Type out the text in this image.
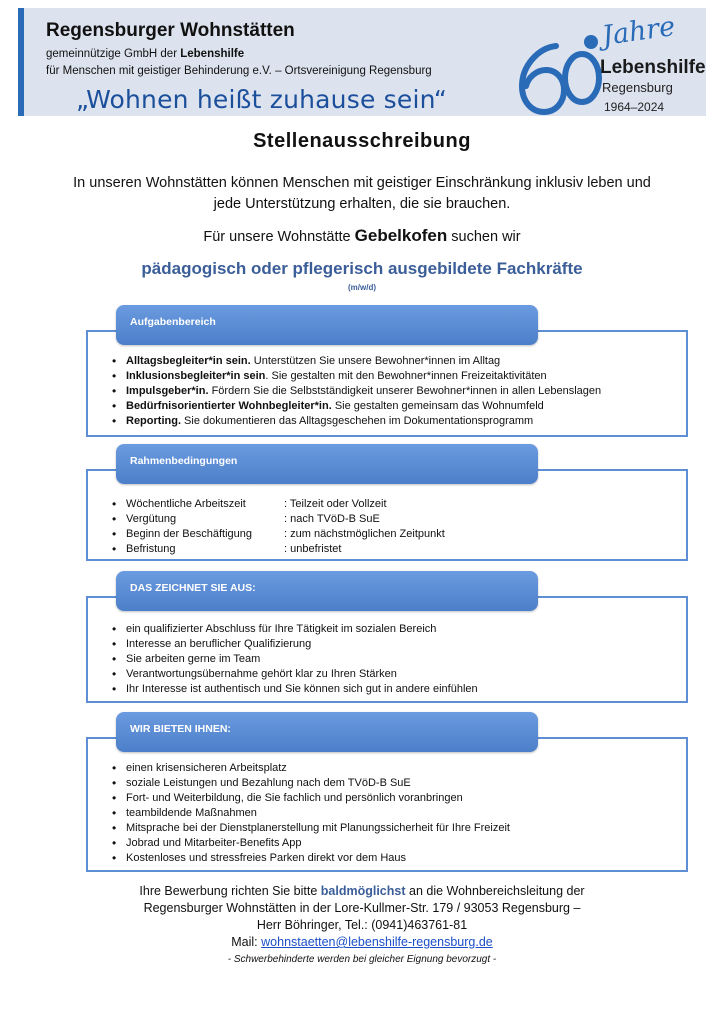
Regensburger Wohnstätten
gemeinnützige GmbH der Lebenshilfe
für Menschen mit geistiger Behinderung e.V. – Ortsvereinigung Regensburg
„Wohnen heißt zuhause sein“
Jahre
Lebenshilfe
Regensburg
1964–2024
Stellenausschreibung
In unseren Wohnstätten können Menschen mit geistiger Einschränkung inklusiv leben und jede Unterstützung erhalten, die sie brauchen.
Für unsere Wohnstätte Gebelkofen suchen wir
pädagogisch oder pflegerisch ausgebildete Fachkräfte
(m/w/d)
Aufgabenbereich
• Alltagsbegleiter*in sein. Unterstützen Sie unsere Bewohner*innen im Alltag
• Inklusionsbegleiter*in sein. Sie gestalten mit den Bewohner*innen Freizeitaktivitäten
• Impulsgeber*in. Fördern Sie die Selbstständigkeit unserer Bewohner*innen in allen Lebenslagen
• Bedürfnisorientierter Wohnbegleiter*in. Sie gestalten gemeinsam das Wohnumfeld
• Reporting. Sie dokumentieren das Alltagsgeschehen im Dokumentationsprogramm
Rahmenbedingungen
• Wöchentliche Arbeitszeit	: Teilzeit oder Vollzeit
• Vergütung	: nach TVöD-B SuE
• Beginn der Beschäftigung	: zum nächstmöglichen Zeitpunkt
• Befristung	: unbefristet
DAS ZEICHNET SIE AUS:
• ein qualifizierter Abschluss für Ihre Tätigkeit im sozialen Bereich
• Interesse an beruflicher Qualifizierung
• Sie arbeiten gerne im Team
• Verantwortungsübernahme gehört klar zu Ihren Stärken
• Ihr Interesse ist authentisch und Sie können sich gut in andere einfühlen
WIR BIETEN IHNEN:
• einen krisensicheren Arbeitsplatz
• soziale Leistungen und Bezahlung nach dem TVöD-B SuE
• Fort- und Weiterbildung, die Sie fachlich und persönlich voranbringen
• teambildende Maßnahmen
• Mitsprache bei der Dienstplanerstellung mit Planungssicherheit für Ihre Freizeit
• Jobrad und Mitarbeiter-Benefits App
• Kostenloses und stressfreies Parken direkt vor dem Haus
Ihre Bewerbung richten Sie bitte baldmöglichst an die Wohnbereichsleitung der
Regensburger Wohnstätten in der Lore-Kullmer-Str. 179 / 93053 Regensburg –
Herr Böhringer, Tel.: (0941)463761-81
Mail: wohnstaetten@lebenshilfe-regensburg.de
- Schwerbehinderte werden bei gleicher Eignung bevorzugt -
